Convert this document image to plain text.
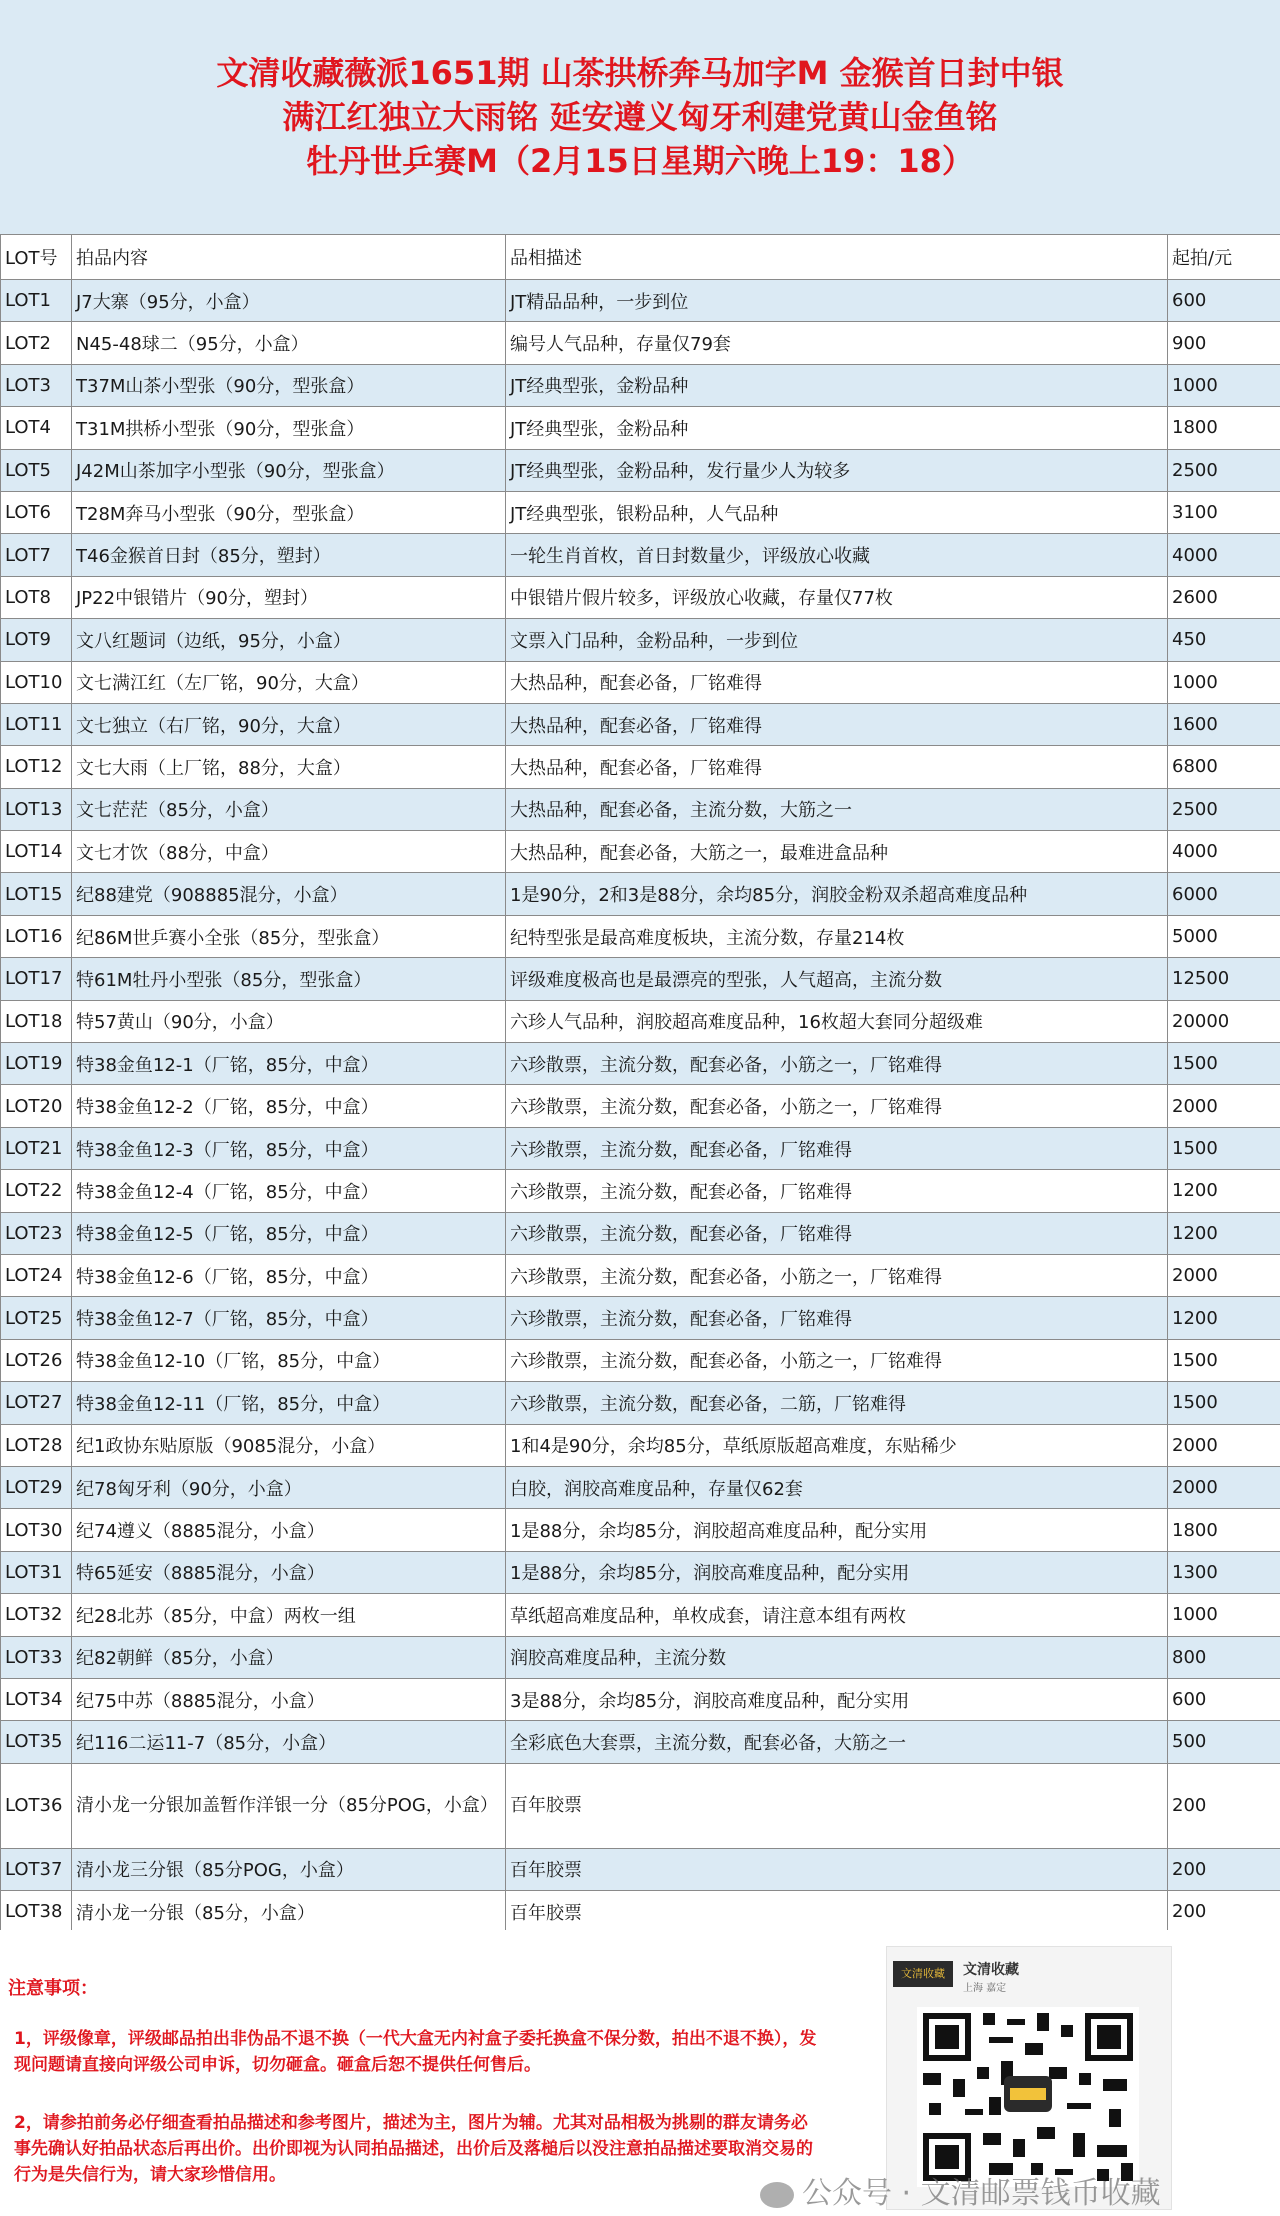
文清收藏薇派1651期 山茶拱桥奔马加字M 金猴首日封中银
满江红独立大雨铭 延安遵义匈牙利建党黄山金鱼铭
牡丹世乒赛M（2月15日星期六晚上19：18）
LOT号	拍品内容	品相描述	起拍/元
LOT1	J7大寨（95分，小盒）	JT精品品种，一步到位	600
LOT2	N45-48球二（95分，小盒）	编号人气品种，存量仅79套	900
LOT3	T37M山茶小型张（90分，型张盒）	JT经典型张，金粉品种	1000
LOT4	T31M拱桥小型张（90分，型张盒）	JT经典型张，金粉品种	1800
LOT5	J42M山茶加字小型张（90分，型张盒）	JT经典型张，金粉品种，发行量少人为较多	2500
LOT6	T28M奔马小型张（90分，型张盒）	JT经典型张，银粉品种，人气品种	3100
LOT7	T46金猴首日封（85分，塑封）	一轮生肖首枚，首日封数量少，评级放心收藏	4000
LOT8	JP22中银错片（90分，塑封）	中银错片假片较多，评级放心收藏，存量仅77枚	2600
LOT9	文八红题词（边纸，95分，小盒）	文票入门品种，金粉品种，一步到位	450
LOT10	文七满江红（左厂铭，90分，大盒）	大热品种，配套必备，厂铭难得	1000
LOT11	文七独立（右厂铭，90分，大盒）	大热品种，配套必备，厂铭难得	1600
LOT12	文七大雨（上厂铭，88分，大盒）	大热品种，配套必备，厂铭难得	6800
LOT13	文七茫茫（85分，小盒）	大热品种，配套必备，主流分数，大筋之一	2500
LOT14	文七才饮（88分，中盒）	大热品种，配套必备，大筋之一，最难进盒品种	4000
LOT15	纪88建党（908885混分，小盒）	1是90分，2和3是88分，余均85分，润胶金粉双杀超高难度品种	6000
LOT16	纪86M世乒赛小全张（85分，型张盒）	纪特型张是最高难度板块，主流分数，存量214枚	5000
LOT17	特61M牡丹小型张（85分，型张盒）	评级难度极高也是最漂亮的型张，人气超高，主流分数	12500
LOT18	特57黄山（90分，小盒）	六珍人气品种，润胶超高难度品种，16枚超大套同分超级难	20000
LOT19	特38金鱼12-1（厂铭，85分，中盒）	六珍散票，主流分数，配套必备，小筋之一，厂铭难得	1500
LOT20	特38金鱼12-2（厂铭，85分，中盒）	六珍散票，主流分数，配套必备，小筋之一，厂铭难得	2000
LOT21	特38金鱼12-3（厂铭，85分，中盒）	六珍散票，主流分数，配套必备，厂铭难得	1500
LOT22	特38金鱼12-4（厂铭，85分，中盒）	六珍散票，主流分数，配套必备，厂铭难得	1200
LOT23	特38金鱼12-5（厂铭，85分，中盒）	六珍散票，主流分数，配套必备，厂铭难得	1200
LOT24	特38金鱼12-6（厂铭，85分，中盒）	六珍散票，主流分数，配套必备，小筋之一，厂铭难得	2000
LOT25	特38金鱼12-7（厂铭，85分，中盒）	六珍散票，主流分数，配套必备，厂铭难得	1200
LOT26	特38金鱼12-10（厂铭，85分，中盒）	六珍散票，主流分数，配套必备，小筋之一，厂铭难得	1500
LOT27	特38金鱼12-11（厂铭，85分，中盒）	六珍散票，主流分数，配套必备，二筋，厂铭难得	1500
LOT28	纪1政协东贴原版（9085混分，小盒）	1和4是90分，余均85分，草纸原版超高难度，东贴稀少	2000
LOT29	纪78匈牙利（90分，小盒）	白胶，润胶高难度品种，存量仅62套	2000
LOT30	纪74遵义（8885混分，小盒）	1是88分，余均85分，润胶超高难度品种，配分实用	1800
LOT31	特65延安（8885混分，小盒）	1是88分，余均85分，润胶高难度品种，配分实用	1300
LOT32	纪28北苏（85分，中盒）两枚一组	草纸超高难度品种，单枚成套，请注意本组有两枚	1000
LOT33	纪82朝鲜（85分，小盒）	润胶高难度品种，主流分数	800
LOT34	纪75中苏（8885混分，小盒）	3是88分，余均85分，润胶高难度品种，配分实用	600
LOT35	纪116二运11-7（85分，小盒）	全彩底色大套票，主流分数，配套必备，大筋之一	500
LOT36	清小龙一分银加盖暂作洋银一分（85分POG，小盒）	百年胶票	200
LOT37	清小龙三分银（85分POG，小盒）	百年胶票	200
LOT38	清小龙一分银（85分，小盒）	百年胶票	200
注意事项：
1，评级像章，评级邮品拍出非伪品不退不换（一代大盒无内衬盒子委托换盒不保分数，拍出不退不换），发现问题请直接向评级公司申诉，切勿砸盒。砸盒后恕不提供任何售后。
2，请参拍前务必仔细查看拍品描述和参考图片，描述为主，图片为辅。尤其对品相极为挑剔的群友请务必事先确认好拍品状态后再出价。出价即视为认同拍品描述，出价后及落槌后以没注意拍品描述要取消交易的行为是失信行为，请大家珍惜信用。
文清收藏	文清收藏
上海 嘉定
公众号 · 文清邮票钱币收藏
